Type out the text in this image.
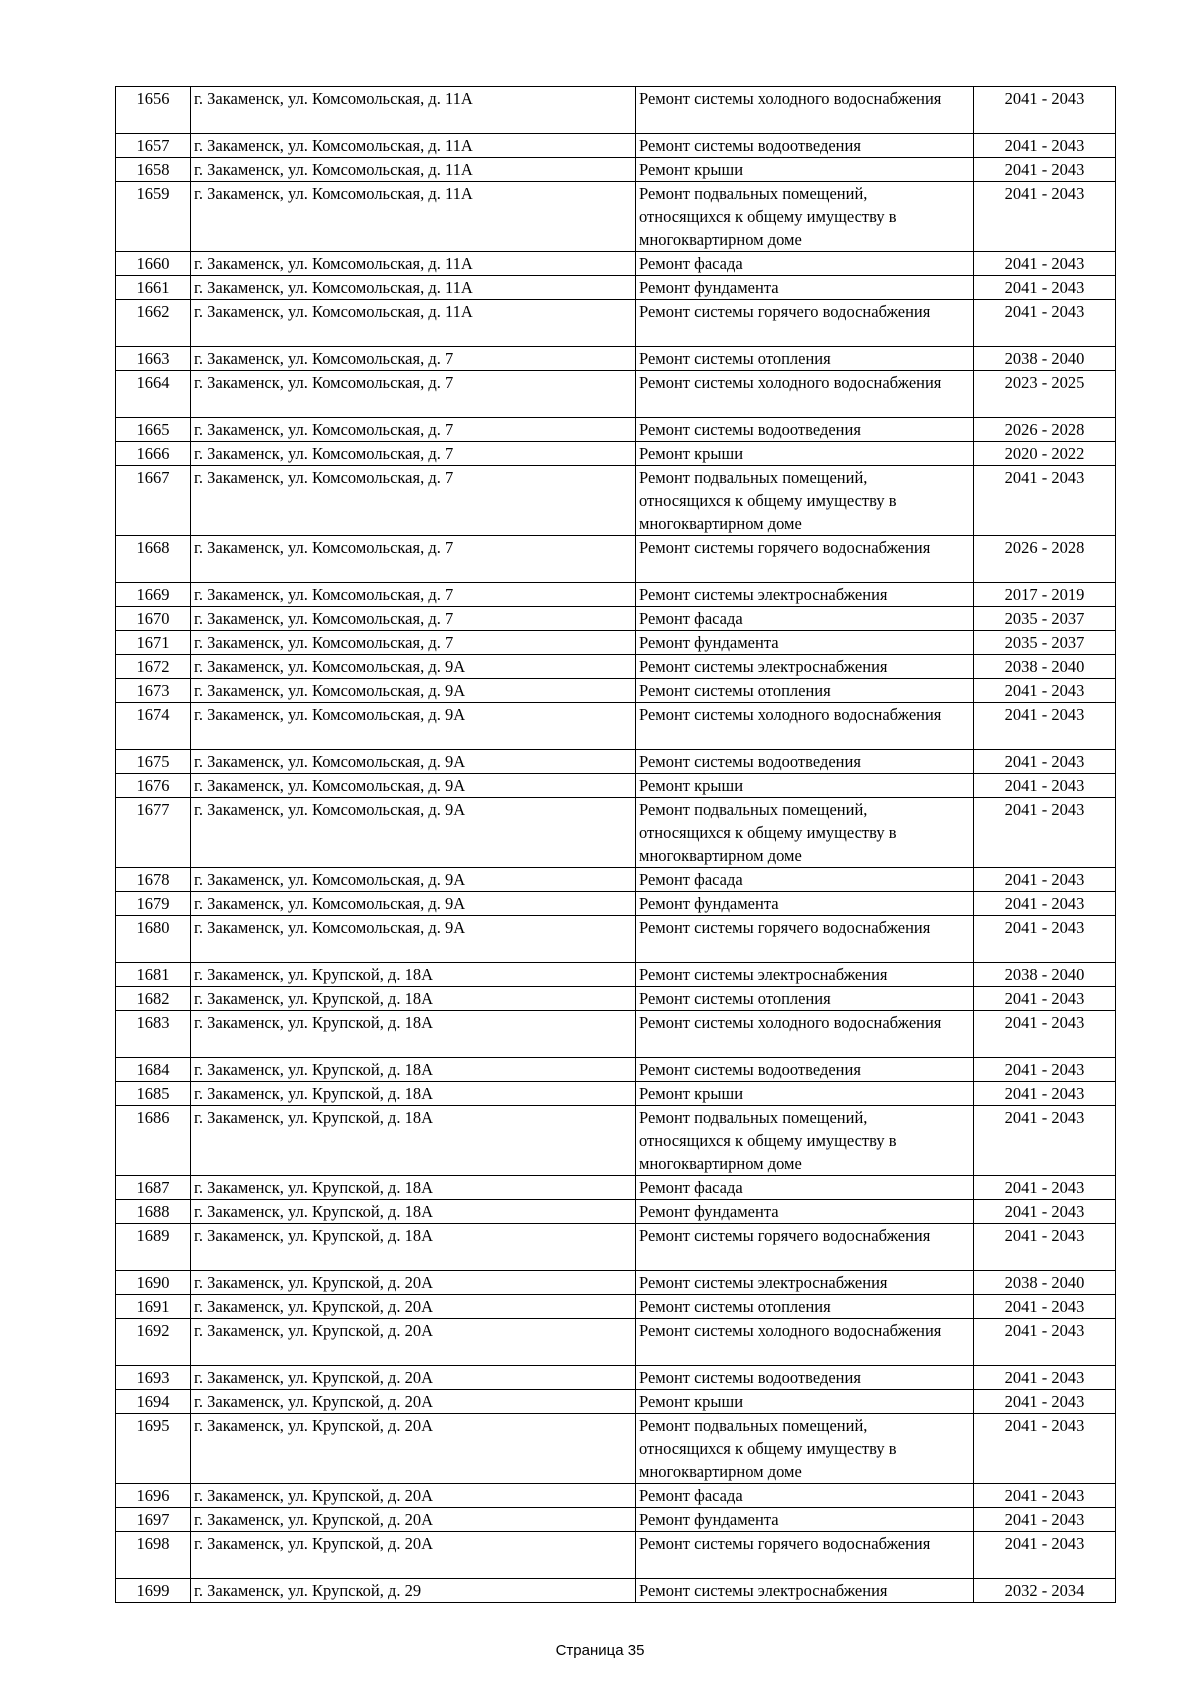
1656	г. Закаменск, ул. Комсомольская, д. 11А	Ремонт системы холодного водоснабжения	2041 - 2043
1657	г. Закаменск, ул. Комсомольская, д. 11А	Ремонт системы водоотведения	2041 - 2043
1658	г. Закаменск, ул. Комсомольская, д. 11А	Ремонт крыши	2041 - 2043
1659	г. Закаменск, ул. Комсомольская, д. 11А	Ремонт подвальных помещений,
относящихся к общему имуществу в
многоквартирном доме	2041 - 2043
1660	г. Закаменск, ул. Комсомольская, д. 11А	Ремонт фасада	2041 - 2043
1661	г. Закаменск, ул. Комсомольская, д. 11А	Ремонт фундамента	2041 - 2043
1662	г. Закаменск, ул. Комсомольская, д. 11А	Ремонт системы горячего водоснабжения	2041 - 2043
1663	г. Закаменск, ул. Комсомольская, д. 7	Ремонт системы отопления	2038 - 2040
1664	г. Закаменск, ул. Комсомольская, д. 7	Ремонт системы холодного водоснабжения	2023 - 2025
1665	г. Закаменск, ул. Комсомольская, д. 7	Ремонт системы водоотведения	2026 - 2028
1666	г. Закаменск, ул. Комсомольская, д. 7	Ремонт крыши	2020 - 2022
1667	г. Закаменск, ул. Комсомольская, д. 7	Ремонт подвальных помещений,
относящихся к общему имуществу в
многоквартирном доме	2041 - 2043
1668	г. Закаменск, ул. Комсомольская, д. 7	Ремонт системы горячего водоснабжения	2026 - 2028
1669	г. Закаменск, ул. Комсомольская, д. 7	Ремонт системы электроснабжения	2017 - 2019
1670	г. Закаменск, ул. Комсомольская, д. 7	Ремонт фасада	2035 - 2037
1671	г. Закаменск, ул. Комсомольская, д. 7	Ремонт фундамента	2035 - 2037
1672	г. Закаменск, ул. Комсомольская, д. 9А	Ремонт системы электроснабжения	2038 - 2040
1673	г. Закаменск, ул. Комсомольская, д. 9А	Ремонт системы отопления	2041 - 2043
1674	г. Закаменск, ул. Комсомольская, д. 9А	Ремонт системы холодного водоснабжения	2041 - 2043
1675	г. Закаменск, ул. Комсомольская, д. 9А	Ремонт системы водоотведения	2041 - 2043
1676	г. Закаменск, ул. Комсомольская, д. 9А	Ремонт крыши	2041 - 2043
1677	г. Закаменск, ул. Комсомольская, д. 9А	Ремонт подвальных помещений,
относящихся к общему имуществу в
многоквартирном доме	2041 - 2043
1678	г. Закаменск, ул. Комсомольская, д. 9А	Ремонт фасада	2041 - 2043
1679	г. Закаменск, ул. Комсомольская, д. 9А	Ремонт фундамента	2041 - 2043
1680	г. Закаменск, ул. Комсомольская, д. 9А	Ремонт системы горячего водоснабжения	2041 - 2043
1681	г. Закаменск, ул. Крупской, д. 18А	Ремонт системы электроснабжения	2038 - 2040
1682	г. Закаменск, ул. Крупской, д. 18А	Ремонт системы отопления	2041 - 2043
1683	г. Закаменск, ул. Крупской, д. 18А	Ремонт системы холодного водоснабжения	2041 - 2043
1684	г. Закаменск, ул. Крупской, д. 18А	Ремонт системы водоотведения	2041 - 2043
1685	г. Закаменск, ул. Крупской, д. 18А	Ремонт крыши	2041 - 2043
1686	г. Закаменск, ул. Крупской, д. 18А	Ремонт подвальных помещений,
относящихся к общему имуществу в
многоквартирном доме	2041 - 2043
1687	г. Закаменск, ул. Крупской, д. 18А	Ремонт фасада	2041 - 2043
1688	г. Закаменск, ул. Крупской, д. 18А	Ремонт фундамента	2041 - 2043
1689	г. Закаменск, ул. Крупской, д. 18А	Ремонт системы горячего водоснабжения	2041 - 2043
1690	г. Закаменск, ул. Крупской, д. 20А	Ремонт системы электроснабжения	2038 - 2040
1691	г. Закаменск, ул. Крупской, д. 20А	Ремонт системы отопления	2041 - 2043
1692	г. Закаменск, ул. Крупской, д. 20А	Ремонт системы холодного водоснабжения	2041 - 2043
1693	г. Закаменск, ул. Крупской, д. 20А	Ремонт системы водоотведения	2041 - 2043
1694	г. Закаменск, ул. Крупской, д. 20А	Ремонт крыши	2041 - 2043
1695	г. Закаменск, ул. Крупской, д. 20А	Ремонт подвальных помещений,
относящихся к общему имуществу в
многоквартирном доме	2041 - 2043
1696	г. Закаменск, ул. Крупской, д. 20А	Ремонт фасада	2041 - 2043
1697	г. Закаменск, ул. Крупской, д. 20А	Ремонт фундамента	2041 - 2043
1698	г. Закаменск, ул. Крупской, д. 20А	Ремонт системы горячего водоснабжения	2041 - 2043
1699	г. Закаменск, ул. Крупской, д. 29	Ремонт системы электроснабжения	2032 - 2034
Страница 35
